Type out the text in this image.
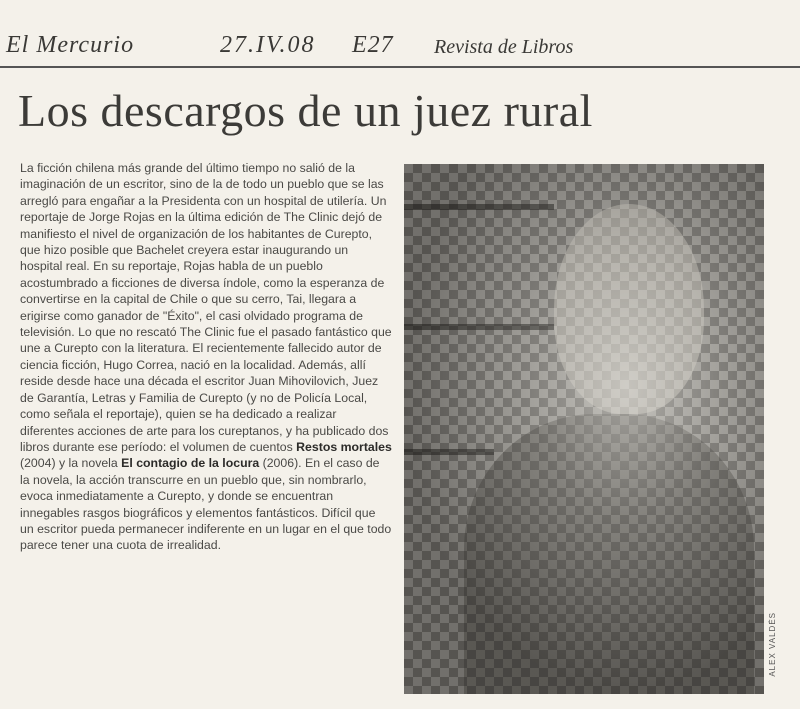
El Mercurio	27.IV.08 E27 Revista de Libros
Los descargos de un juez rural

La ficción chilena más grande del último tiempo no salió de la imaginación de un escritor, sino de la de todo un pueblo que se las arregló para engañar a la Presidenta con un hospital de utilería. Un reportaje de Jorge Rojas en la última edición de The Clinic dejó de manifiesto el nivel de organización de los habitantes de Curepto, que hizo posible que Bachelet creyera estar inaugurando un hospital real. En su reportaje, Rojas habla de un pueblo acostumbrado a ficciones de diversa índole, como la esperanza de convertirse en la capital de Chile o que su cerro, Tai, llegara a erigirse como ganador de "Éxito", el casi olvidado programa de televisión. Lo que no rescató The Clinic fue el pasado fantástico que une a Curepto con la literatura. El recientemente fallecido autor de ciencia ficción, Hugo Correa, nació en la localidad. Además, allí reside desde hace una década el escritor Juan Mihovilovich, Juez de Garantía, Letras y Familia de Curepto (y no de Policía Local, como señala el reportaje), quien se ha dedicado a realizar diferentes acciones de arte para los cureptanos, y ha publicado dos libros durante ese período: el volumen de cuentos Restos mortales (2004) y la novela El contagio de la locura (2006). En el caso de la novela, la acción transcurre en un pueblo que, sin nombrarlo, evoca inmediatamente a Curepto, y donde se encuentran innegables rasgos biográficos y elementos fantásticos. Difícil que un escritor pueda permanecer indiferente en un lugar en el que todo parece tener una cuota de irrealidad.

ALEX VALDÉS
